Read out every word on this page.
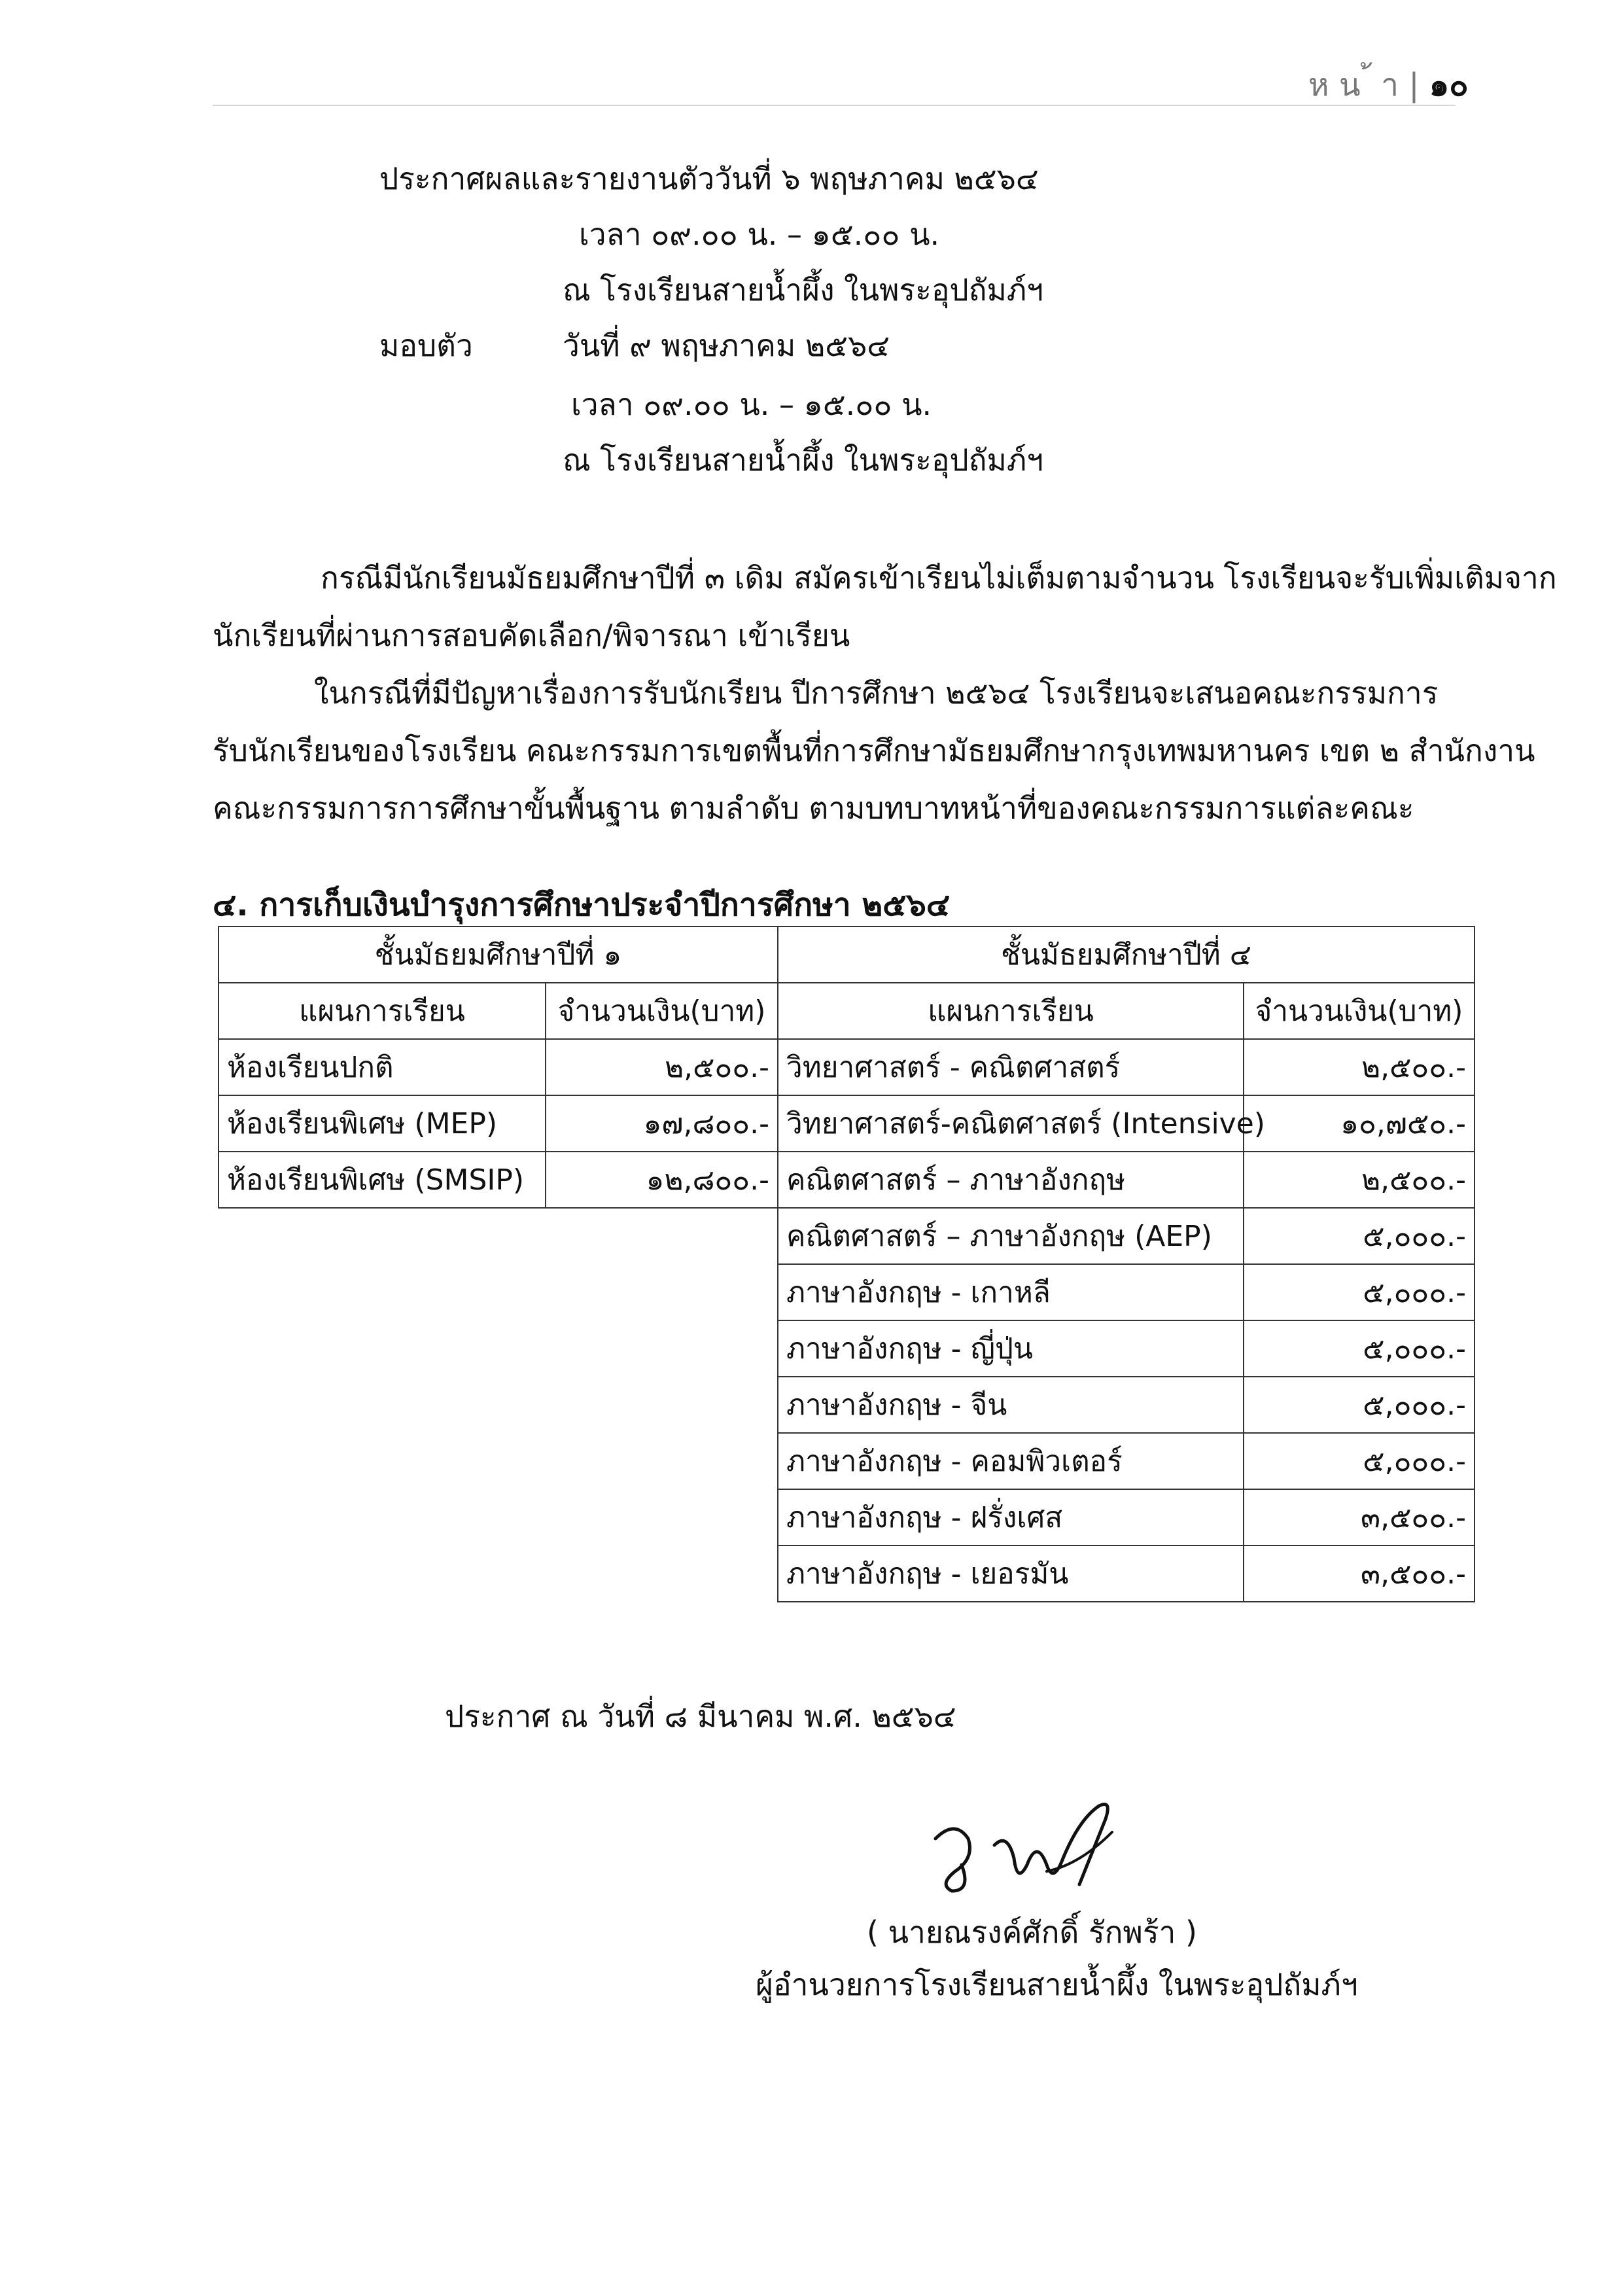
ห น ้ า | ๑๐
ประกาศผลและรายงานตัววันที่ ๖ พฤษภาคม ๒๕๖๔
เวลา ๐๙.๐๐ น. – ๑๕.๐๐ น.
ณ โรงเรียนสายน้ำผึ้ง ในพระอุปถัมภ์ฯ
มอบตัว	วันที่ ๙ พฤษภาคม ๒๕๖๔
เวลา ๐๙.๐๐ น. – ๑๕.๐๐ น.
ณ โรงเรียนสายน้ำผึ้ง ในพระอุปถัมภ์ฯ
กรณีมีนักเรียนมัธยมศึกษาปีที่ ๓ เดิม สมัครเข้าเรียนไม่เต็มตามจำนวน โรงเรียนจะรับเพิ่มเติมจาก
นักเรียนที่ผ่านการสอบคัดเลือก/พิจารณา เข้าเรียน
ในกรณีที่มีปัญหาเรื่องการรับนักเรียน ปีการศึกษา ๒๕๖๔ โรงเรียนจะเสนอคณะกรรมการ
รับนักเรียนของโรงเรียน คณะกรรมการเขตพื้นที่การศึกษามัธยมศึกษากรุงเทพมหานคร เขต ๒ สำนักงาน
คณะกรรมการการศึกษาขั้นพื้นฐาน ตามลำดับ ตามบทบาทหน้าที่ของคณะกรรมการแต่ละคณะ
๔. การเก็บเงินบำรุงการศึกษาประจำปีการศึกษา ๒๕๖๔
ชั้นมัธยมศึกษาปีที่ ๑	
แผนการเรียน	จำนวนเงิน(บาท)
ห้องเรียนปกติ	๒,๕๐๐.-
ห้องเรียนพิเศษ (MEP)	๑๗,๘๐๐.-
ห้องเรียนพิเศษ (SMSIP)	๑๒,๘๐๐.-
ชั้นมัธยมศึกษาปีที่ ๔	
แผนการเรียน	จำนวนเงิน(บาท)
วิทยาศาสตร์ - คณิตศาสตร์	๒,๕๐๐.-
วิทยาศาสตร์-คณิตศาสตร์ (Intensive)	๑๐,๗๕๐.-
คณิตศาสตร์ – ภาษาอังกฤษ	๒,๕๐๐.-
คณิตศาสตร์ – ภาษาอังกฤษ (AEP)	๕,๐๐๐.-
ภาษาอังกฤษ - เกาหลี	๕,๐๐๐.-
ภาษาอังกฤษ - ญี่ปุ่น	๕,๐๐๐.-
ภาษาอังกฤษ - จีน	๕,๐๐๐.-
ภาษาอังกฤษ - คอมพิวเตอร์	๕,๐๐๐.-
ภาษาอังกฤษ - ฝรั่งเศส	๓,๕๐๐.-
ภาษาอังกฤษ - เยอรมัน	๓,๕๐๐.-
ประกาศ ณ วันที่ ๘ มีนาคม พ.ศ. ๒๕๖๔
( นายณรงค์ศักดิ์ รักพร้า )
ผู้อำนวยการโรงเรียนสายน้ำผึ้ง ในพระอุปถัมภ์ฯ
